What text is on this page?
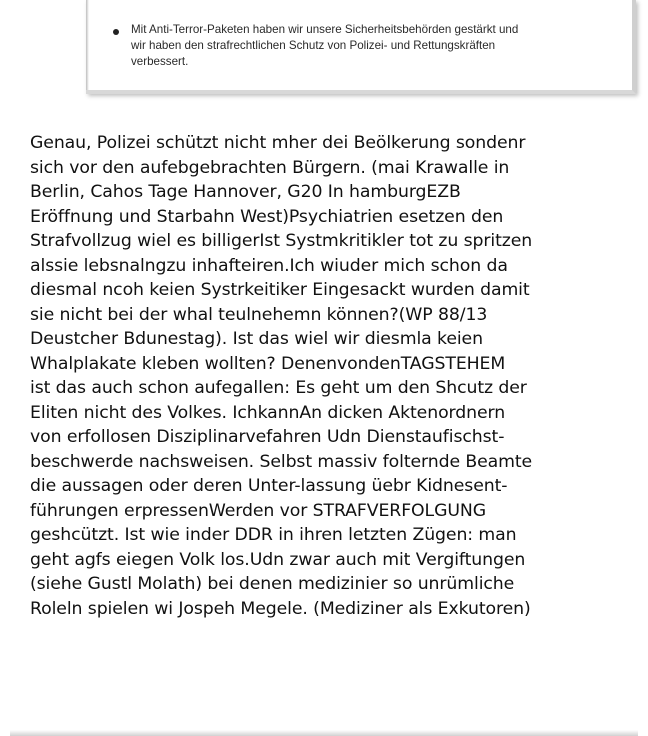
Mit Anti-Terror-Paketen haben wir unsere Sicherheitsbehörden gestärkt und
wir haben den strafrechtlichen Schutz von Polizei- und Rettungskräften
verbessert.
Genau, Polizei schützt nicht mher dei Beölkerung sondenr
sich vor den aufebgebrachten Bürgern. (mai Krawalle in
Berlin, Cahos Tage Hannover, G20 In hamburgEZB
Eröffnung und Starbahn West)Psychiatrien esetzen den
Strafvollzug wiel es billigerIst Systmkritikler tot zu spritzen
alssie lebsnalngzu inhafteiren.Ich wiuder mich schon da
diesmal ncoh keien Systrkeitiker Eingesackt wurden damit
sie nicht bei der whal teulnehemn können?(WP 88/13
Deustcher Bdunestag). Ist das wiel wir diesmla keien
Whalplakate kleben wollten? DenenvondenTAGSTEHEM
ist das auch schon aufegallen: Es geht um den Shcutz der
Eliten nicht des Volkes. IchkannAn dicken Aktenordnern
von erfollosen Disziplinarvefahren Udn Dienstaufischst-
beschwerde nachsweisen. Selbst massiv folternde Beamte
die aussagen oder deren Unter-lassung üebr Kidnesent-
führungen erpressenWerden vor STRAFVERFOLGUNG
geshcützt. Ist wie inder DDR in ihren letzten Zügen: man
geht agfs eiegen Volk los.Udn zwar auch mit Vergiftungen
(siehe Gustl Molath) bei denen medizinier so unrümliche
Roleln spielen wi Jospeh Megele. (Mediziner als Exkutoren)
